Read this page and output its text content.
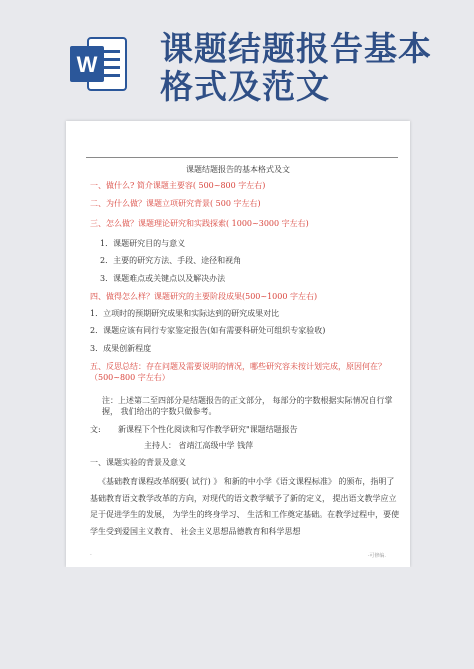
W 课题结题报告基本
格式及范文
课题结题报告的基本格式及文
一、做什么? 简介课题主要容( 500~800 字左右)
二、为什么做？课题立项研究背景( 500 字左右)
三、怎么做？课题理论研究和实践探索( 1000~3000 字左右)
1．课题研究目的与意义
2．主要的研究方法、手段、途径和视角
3．课题难点或关键点以及解决办法
四、做得怎么样？课题研究的主要阶段成果(500~1000 字左右)
1．立项时的预期研究成果和实际达到的研究成果对比
2．课题应该有同行专家鉴定报告(如有需要科研处可组织专家验收)
3．成果创新程度
五、反思总结：存在问题及需要说明的情况，哪些研究容未按计划完成，原因何在？（500~800 字左右）
注：上述第二至四部分是结题报告的正文部分， 每部分的字数根据实际情况自行掌握， 我们给出的字数只做参考。
文: 新课程下个性化阅读和写作教学研究"课题结题报告
主持人： 省靖江高级中学 钱萍
一、课题实验的背景及意义
《基础教育课程改革纲要( 试行) 》 和新的中小学《语文课程标准》 的颁布，指明了基础教育语文教学改革的方向，对现代的语文教学赋予了新的定义， 提出语文教学应立足于促进学生的发展， 为学生的终身学习、 生活和工作奠定基础。在教学过程中，要使学生受到爱国主义教育、 社会主义思想品德教育和科学思想
-	-可修编.
